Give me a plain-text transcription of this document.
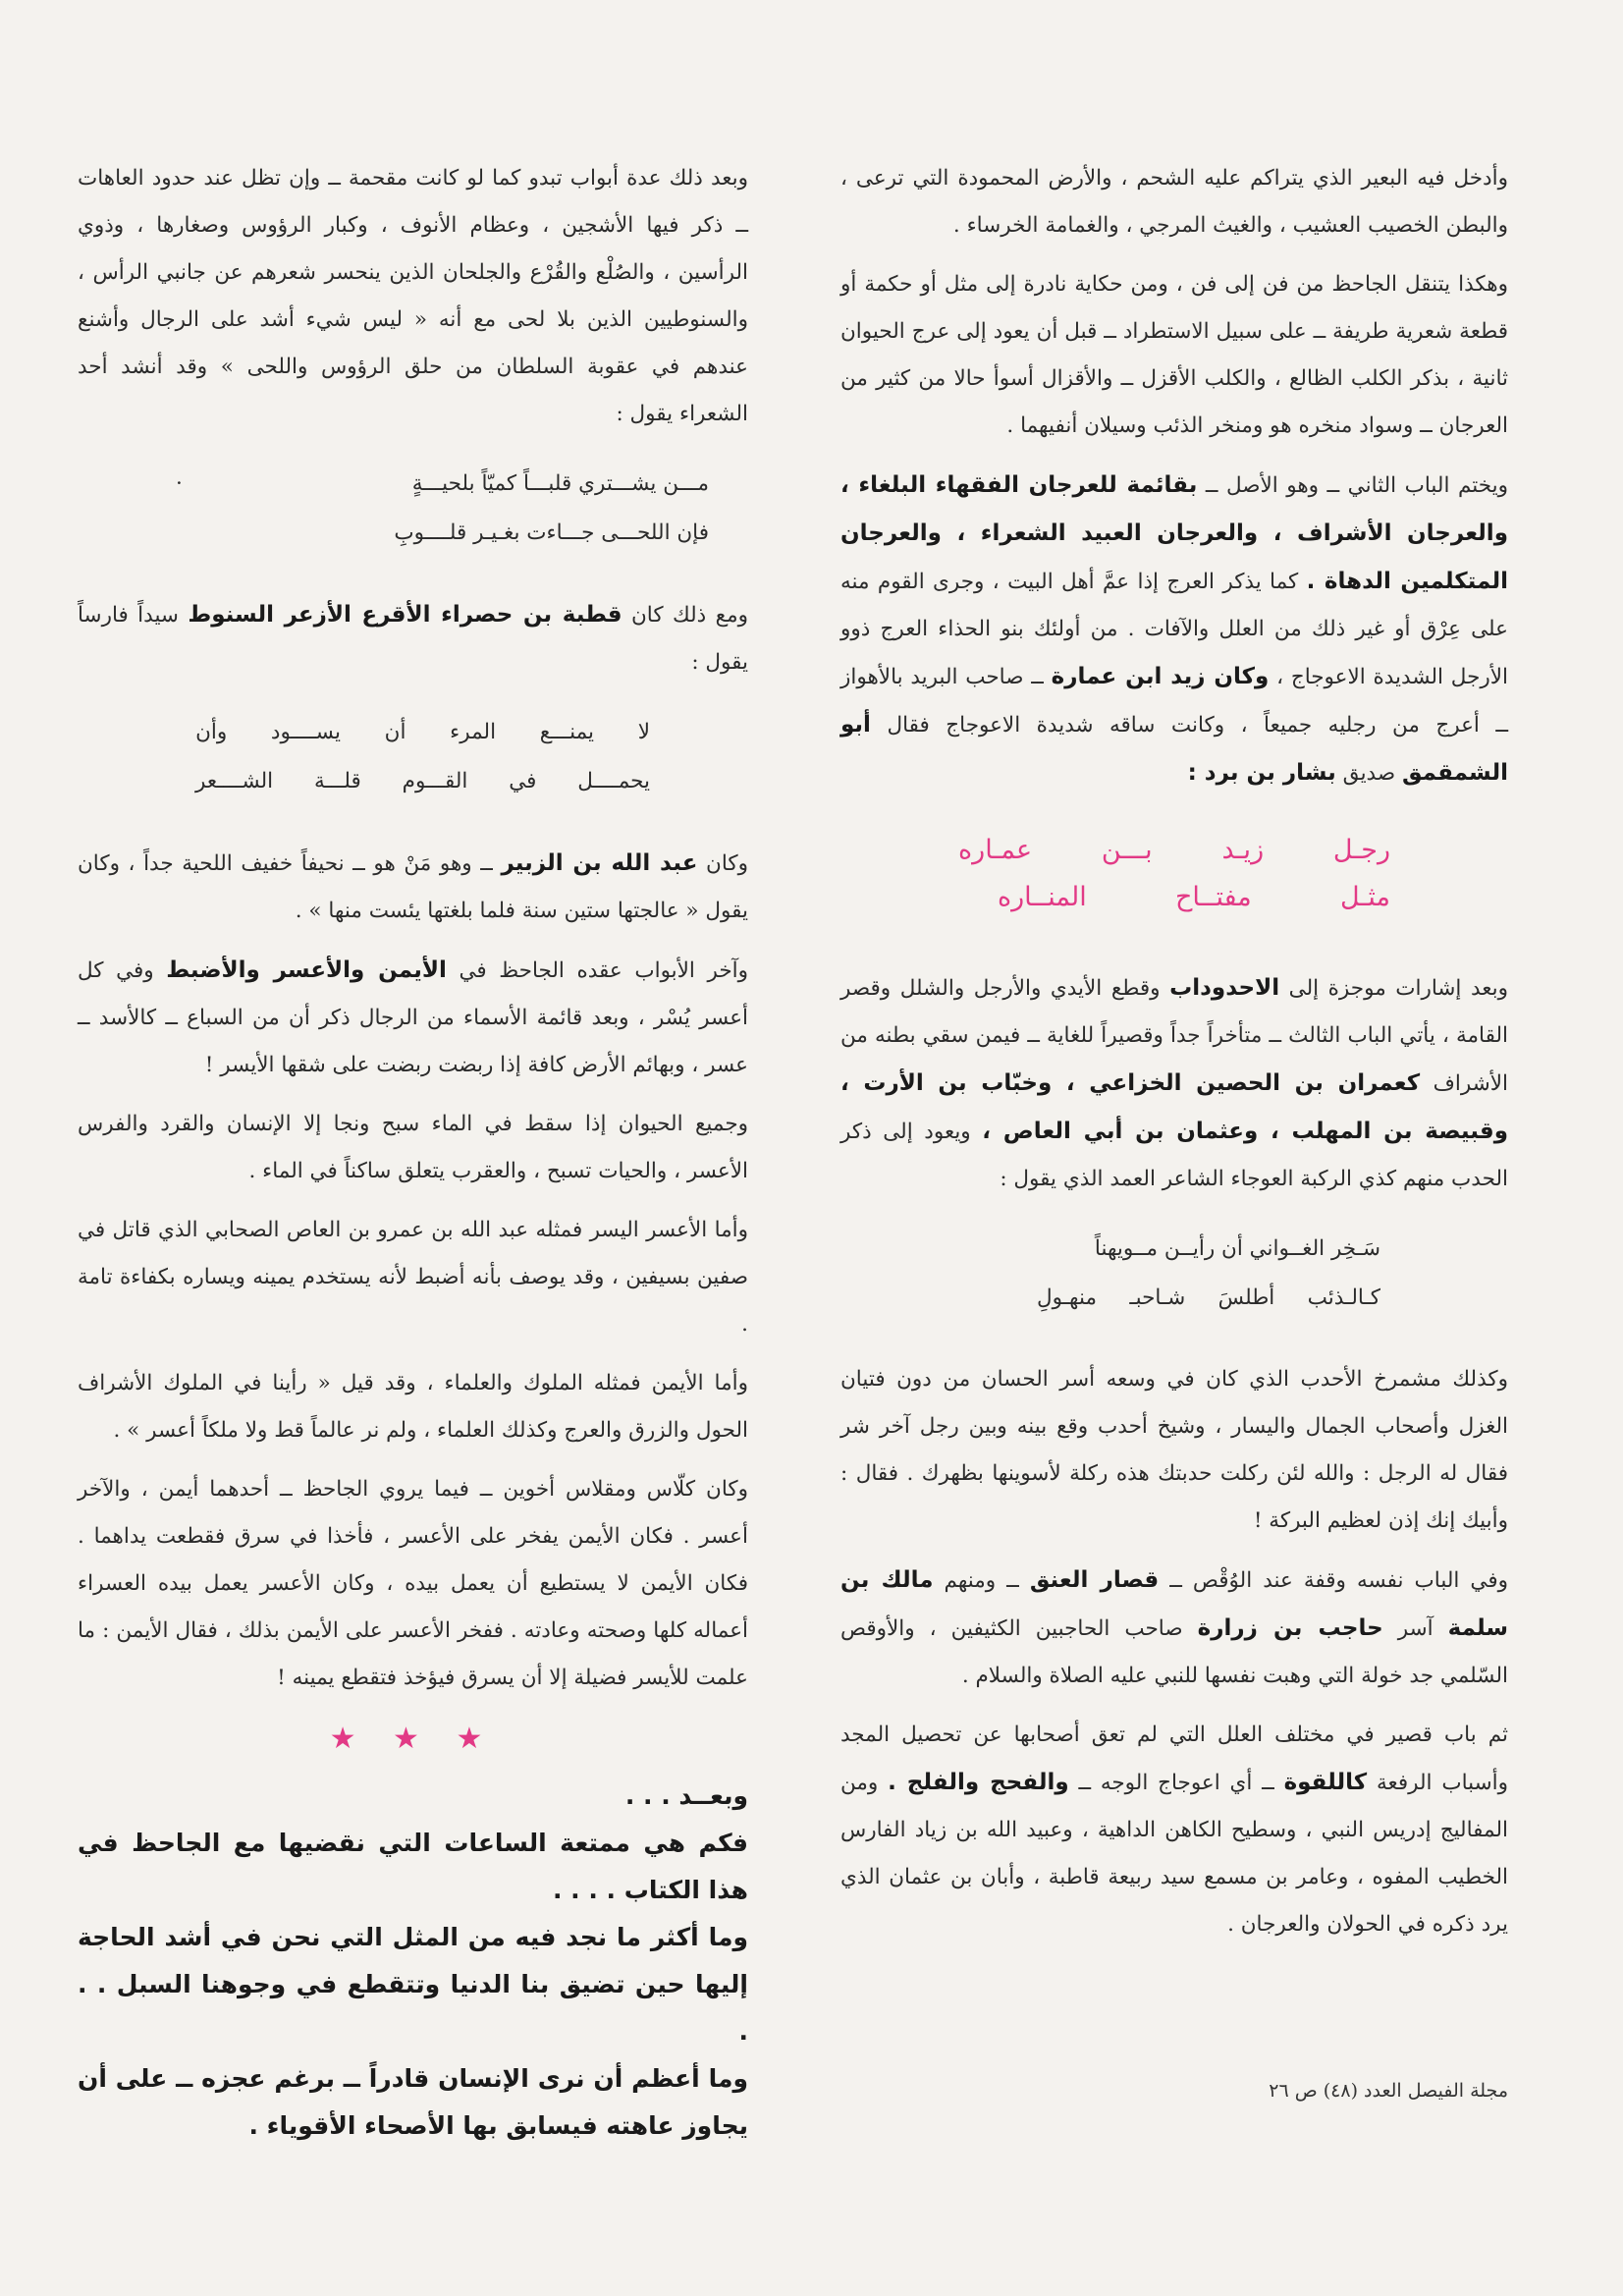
وأدخل فيه البعير الذي يتراكم عليه الشحم ، والأرض المحمودة التي ترعى ، والبطن الخصيب العشيب ، والغيث المرجي ، والغمامة الخرساء .

وهكذا يتنقل الجاحظ من فن إلى فن ، ومن حكاية نادرة إلى مثل أو حكمة أو قطعة شعرية طريفة ــ على سبيل الاستطراد ــ قبل أن يعود إلى عرج الحيوان ثانية ، بذكر الكلب الظالع ، والكلب الأقزل ــ والأقزال أسوأ حالا من كثير من العرجان ــ وسواد منخره هو ومنخر الذئب وسيلان أنفيهما .

ويختم الباب الثاني ــ وهو الأصل ــ بقائمة للعرجان الفقهاء البلغاء ، والعرجان الأشراف ، والعرجان العبيد الشعراء ، والعرجان المتكلمين الدهاة . كما يذكر العرج إذا عمَّ أهل البيت ، وجرى القوم منه على عِرْق أو غير ذلك من العلل والآفات . من أولئك بنو الحذاء العرج ذوو الأرجل الشديدة الاعوجاج ، وكان زيد ابن عمارة ــ صاحب البريد بالأهواز ــ أعرج من رجليه جميعاً ، وكانت ساقه شديدة الاعوجاج فقال أبو الشمقمق صديق بشار بن برد :

رجـل
زيـد
بـــن
عمـاره
مثـل
مفتــاح
المنــاره

وبعد إشارات موجزة إلى الاحدوداب وقطع الأيدي والأرجل والشلل وقصر القامة ، يأتي الباب الثالث ــ متأخراً جداً وقصيراً للغاية ــ فيمن سقي بطنه من الأشراف كعمران بن الحصين الخزاعي ، وخبّاب بن الأرت ، وقبيصة بن المهلب ، وعثمان بن أبي العاص ، ويعود إلى ذكر الحدب منهم كذي الركبة العوجاء الشاعر العمد الذي يقول :

سَـخِر الغــواني أن رأيــن مــويهناً
كـالـذئب
أطلسَ
شـاحبـ
منهـولِ

وكذلك مشمرخ الأحدب الذي كان في وسعه أسر الحسان من دون فتيان الغزل وأصحاب الجمال واليسار ، وشيخ أحدب وقع بينه وبين رجل آخر شر فقال له الرجل : والله لئن ركلت حدبتك هذه ركلة لأسوينها بظهرك . فقال : وأبيك إنك إذن لعظيم البركة !

وفي الباب نفسه وقفة عند الوُقْص ــ قصار العنق ــ ومنهم مالك بن سلمة آسر حاجب بن زرارة صاحب الحاجبين الكثيفين ، والأوقص السّلمي جد خولة التي وهبت نفسها للنبي عليه الصلاة والسلام .

ثم باب قصير في مختلف العلل التي لم تعق أصحابها عن تحصيل المجد وأسباب الرفعة كاللقوة ــ أي اعوجاج الوجه ــ والفحج والفلج . ومن المفاليج إدريس النبي ، وسطيح الكاهن الداهية ، وعبيد الله بن زياد الفارس الخطيب المفوه ، وعامر بن مسمع سيد ربيعة قاطبة ، وأبان بن عثمان الذي يرد ذكره في الحولان والعرجان .

وبعد ذلك عدة أبواب تبدو كما لو كانت مقحمة ــ وإن تظل عند حدود العاهات ــ ذكر فيها الأشجين ، وعظام الأنوف ، وكبار الرؤوس وصغارها ، وذوي الرأسين ، والصُلْع والقُرْع والجلحان الذين ينحسر شعرهم عن جانبي الرأس ، والسنوطيين الذين بلا لحى مع أنه « ليس شيء أشد على الرجال وأشنع عندهم في عقوبة السلطان من حلق الرؤوس واللحى » وقد أنشد أحد الشعراء يقول :

مـــن يشـــتري قلبـــاً كميّاً بلحيـــةٍ
·
فإن اللحـــى جـــاءت بغـيـر قلــــوبِ

ومع ذلك كان قطبة بن حصراء الأقرع الأزعر السنوط سيداً فارساً يقول :

لا
يمنـــع
المرء
أن
يســــود
وأن
يحمــــل
في
القـــوم
قلـــة
الشــــعر

وكان عبد الله بن الزبير ــ وهو مَنْ هو ــ نحيفاً خفيف اللحية جداً ، وكان يقول « عالجتها ستين سنة فلما بلغتها يئست منها » .

وآخر الأبواب عقده الجاحظ في الأيمن والأعسر والأضبط وفي كل أعسر يُسْر ، وبعد قائمة الأسماء من الرجال ذكر أن من السباع ــ كالأسد ــ عسر ، وبهائم الأرض كافة إذا ربضت ربضت على شقها الأيسر !

وجميع الحيوان إذا سقط في الماء سبح ونجا إلا الإنسان والقرد والفرس الأعسر ، والحيات تسبح ، والعقرب يتعلق ساكناً في الماء .

وأما الأعسر اليسر فمثله عبد الله بن عمرو بن العاص الصحابي الذي قاتل في صفين بسيفين ، وقد يوصف بأنه أضبط لأنه يستخدم يمينه ويساره بكفاءة تامة .

وأما الأيمن فمثله الملوك والعلماء ، وقد قيل « رأينا في الملوك الأشراف الحول والزرق والعرج وكذلك العلماء ، ولم نر عالماً قط ولا ملكاً أعسر » .

وكان كلّاس ومقلاس أخوين ــ فيما يروي الجاحظ ــ أحدهما أيمن ، والآخر أعسر . فكان الأيمن يفخر على الأعسر ، فأخذا في سرق فقطعت يداهما . فكان الأيمن لا يستطيع أن يعمل بيده ، وكان الأعسر يعمل بيده العسراء أعماله كلها وصحته وعادته . ففخر الأعسر على الأيمن بذلك ، فقال الأيمن : ما علمت للأيسر فضيلة إلا أن يسرق فيؤخذ فتقطع يمينه !

★ ★ ★

وبعــد . . .

فكم هي ممتعة الساعات التي نقضيها مع الجاحظ في هذا الكتاب . . . .

وما أكثر ما نجد فيه من المثل التي نحن في أشد الحاجة إليها حين تضيق بنا الدنيا وتتقطع في وجوهنا السبل . . .

وما أعظم أن نرى الإنسان قادراً ــ برغم عجزه ــ على أن يجاوز عاهته فيسابق بها الأصحاء الأقوياء .

مجلة الفيصل العدد (٤٨) ص ٢٦
